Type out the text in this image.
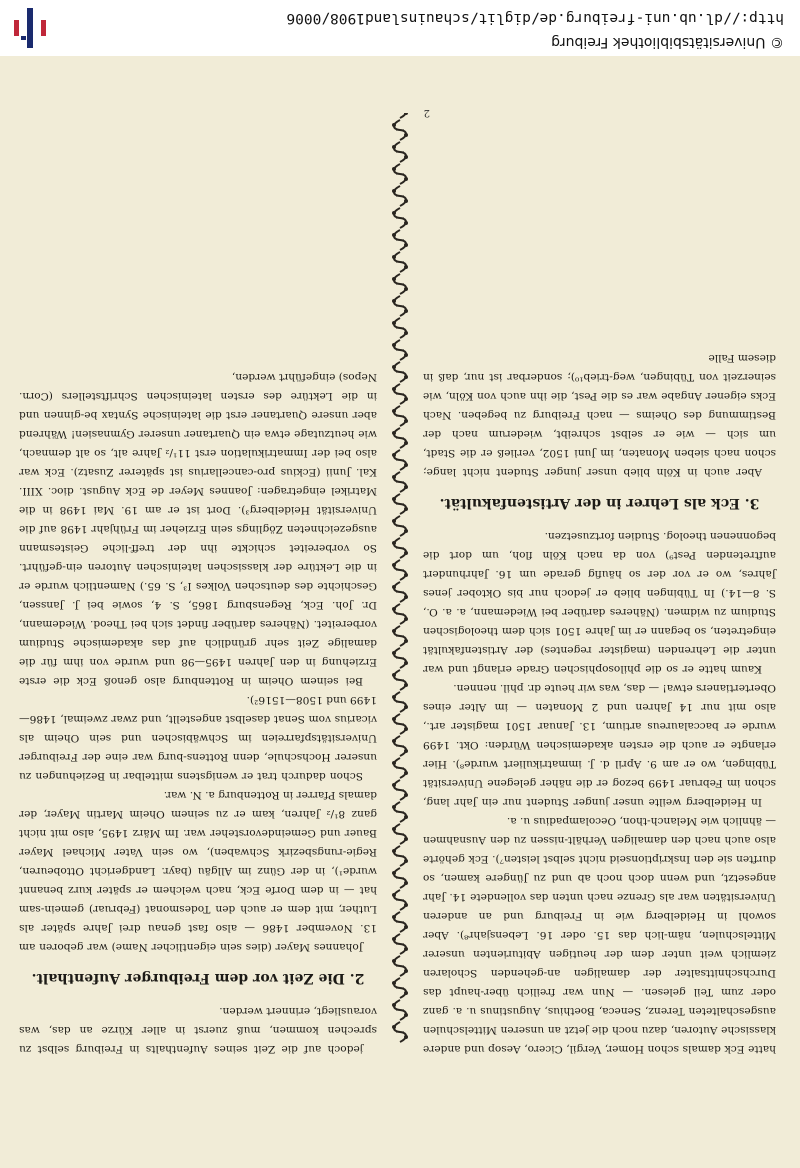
hatte Eck damals schon Homer, Vergil, Cicero, Aesop und andere klassische Autoren, dazu noch die jetzt an unseren Mittelschulen ausgeschalteten Terenz, Seneca, Boethius, Augustinus u. a. ganz oder zum Teil gelesen. — Nun war freilich über-haupt das Durchschnittsalter der damaligen an-gehenden Scholaren ziemlich weit unter dem der heutigen Abiturienten unserer Mittelschulen, näm-lich das 15. oder 16. Lebensjahr⁸). Aber sowohl in Heidelberg wie in Freiburg und an anderen Universitäten war als Grenze nach unten das vollendete 14. Jahr angesetzt, und wenn doch noch ab und zu Jüngere kamen, so durften sie den Inskriptionseid nicht selbst leisten⁷). Eck gehörte also auch nach den damaligen Verhält-nissen zu den Ausnahmen — ähnlich wie Melanch-thon, Oecolampadius u. a.

In Heidelberg weilte unser junger Student nur ein Jahr lang, schon im Februar 1499 bezog er die näher gelegene Universität Tübingen, wo er am 9. April d. J. immatrikuliert wurde⁸). Hier erlangte er auch die ersten akademischen Würden: Okt. 1499 wurde er baccalaureus artium, 13. Januar 1501 magister art., also mit nur 14 Jahren und 2 Monaten — im Alter eines Obertertianers etwa! — das, was wir heute dr. phil. nennen.

Kaum hatte er so die philosophischen Grade erlangt und war unter die Lehrenden (magister regentes) der Artistenfakultät eingetreten, so begann er im Jahre 1501 sich dem theologischen Studium zu widmen. (Näheres darüber bei Wiedemann, a. a. O., S. 8—14.) In Tübingen blieb er jedoch nur bis Oktober jenes Jahres, wo er vor der so häufig gerade um 16. Jahrhundert auftretenden Pest⁹) von da nach Köln floh, um dort die begonnenen theolog. Studien fortzusetzen.

3. Eck als Lehrer in der Artistenfakultät.

Aber auch in Köln blieb unser junger Student nicht lange; schon nach sieben Monaten, im Juni 1502, verließ er die Stadt, um sich — wie er selbst schreibt, wiederum nach der Bestimmung des Oheims — nach Freiburg zu begeben. Nach Ecks eigener Angabe war es die Pest, die ihn auch von Köln, wie seinerzeit von Tübingen, weg-trieb¹⁰); sonderbar ist nur, daß in diesem Falle

jedoch auf die Zeit seines Aufenthalts in Freiburg selbst zu sprechen kommen, muß zuerst in aller Kürze an das, was vorausliegt, erinnert werden.

2. Die Zeit vor dem Freiburger Aufenthalt.

Johannes Mayer (dies sein eigentlicher Name) war geboren am 13. November 1486 — also fast genau drei Jahre später als Luther, mit dem er auch den Todesmonat (Februar) gemein-sam hat — in dem Dorfe Eck, nach welchem er später kurz benannt wurde¹), in der Günz im Allgäu (bayr. Landgericht Ottobeuren, Regie-rungsbezirk Schwaben), wo sein Vater Michael Mayer Bauer und Gemeindevorsteher war. Im März 1495, also mit nicht ganz 8¹/₂ Jahren, kam er zu seinem Oheim Martin Mayer, der damals Pfarrer in Rottenburg a. N. war.

Schon dadurch trat er wenigstens mittelbar in Beziehungen zu unserer Hochschule, denn Rottens-burg war eine der Freiburger Universitätspfarreien im Schwäbischen und sein Oheim als vicarius vom Senat daselbst angestellt, und zwar zweimal, 1486—1499 und 1508—1516²).

Bei seinem Oheim in Rottenburg also genoß Eck die erste Erziehung in den Jahren 1495—98 und wurde von ihm für die damalige Zeit sehr gründlich auf das akademische Studium vorbereitet. (Näheres darüber findet sich bei Theod. Wiedemann, Dr. Joh. Eck, Regensburg 1865, S. 4, sowie bei J. Janssen, Geschichte des deutschen Volkes I³, S. 65.) Namentlich wurde er in die Lektüre der klassischen lateinischen Autoren ein-geführt. So vorbereitet schickte ihn der treff-liche Geistesmann ausgezeichneten Zöglings sein Erzieher im Frühjahr 1498 auf die Universität Heidelberg³). Dort ist er am 19. Mai 1498 in die Matrikel eingetragen: Joannes Meyer de Eck August. dioc. XIII. Kal. Junii (Eckius pro-cancellarius ist späterer Zusatz). Eck war also bei der Immatrikulation erst 11¹/₂ Jahre alt, so alt demnach, wie heutzutage etwa ein Quartaner unserer Gymnasien! Während aber unsere Quartaner erst die lateinische Syntax be-ginnen und in die Lektüre des ersten lateinischen Schriftstellers (Corn. Nepos) eingeführt werden,

2
© Universitätsbibliothek Freiburg
http://dl.ub.uni-freiburg.de/diglit/schauinsland1908/0006
